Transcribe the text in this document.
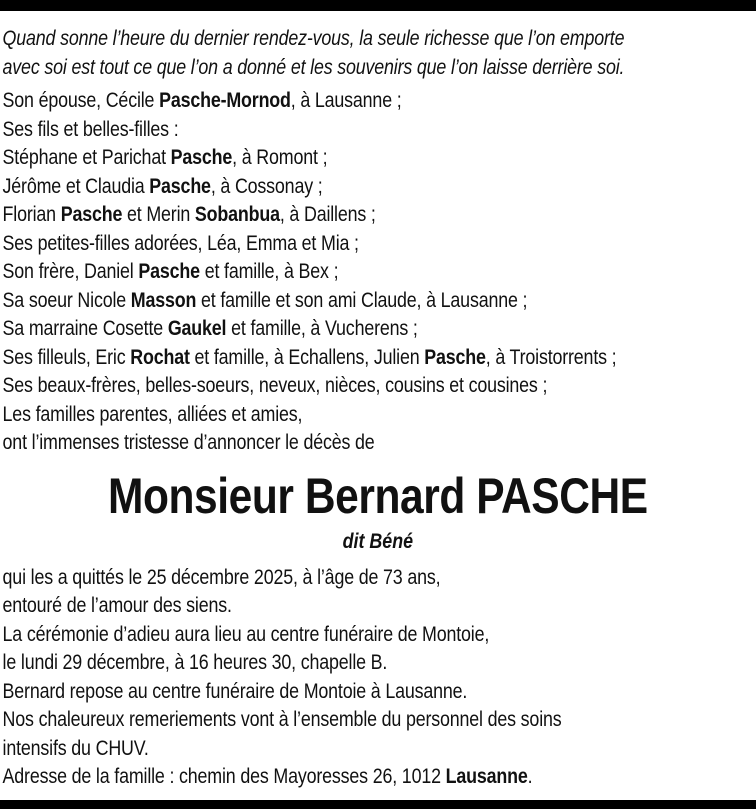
Quand sonne l’heure du dernier rendez-vous, la seule richesse que l’on emporte
avec soi est tout ce que l’on a donné et les souvenirs que l’on laisse derrière soi.
Son épouse, Cécile Pasche-Mornod, à Lausanne ;
Ses fils et belles-filles :
Stéphane et Parichat Pasche, à Romont ;
Jérôme et Claudia Pasche, à Cossonay ;
Florian Pasche et Merin Sobanbua, à Daillens ;
Ses petites-filles adorées, Léa, Emma et Mia ;
Son frère, Daniel Pasche et famille, à Bex ;
Sa soeur Nicole Masson et famille et son ami Claude, à Lausanne ;
Sa marraine Cosette Gaukel et famille, à Vucherens ;
Ses filleuls, Eric Rochat et famille, à Echallens, Julien Pasche, à Troistorrents ;
Ses beaux-frères, belles-soeurs, neveux, nièces, cousins et cousines ;
Les familles parentes, alliées et amies,
ont l’immenses tristesse d’annoncer le décès de
Monsieur Bernard PASCHE
dit Béné
qui les a quittés le 25 décembre 2025, à l’âge de 73 ans,
entouré de l’amour des siens.
La cérémonie d’adieu aura lieu au centre funéraire de Montoie,
le lundi 29 décembre, à 16 heures 30, chapelle B.
Bernard repose au centre funéraire de Montoie à Lausanne.
Nos chaleureux remeriements vont à l’ensemble du personnel des soins
intensifs du CHUV.
Adresse de la famille : chemin des Mayoresses 26, 1012 Lausanne.
